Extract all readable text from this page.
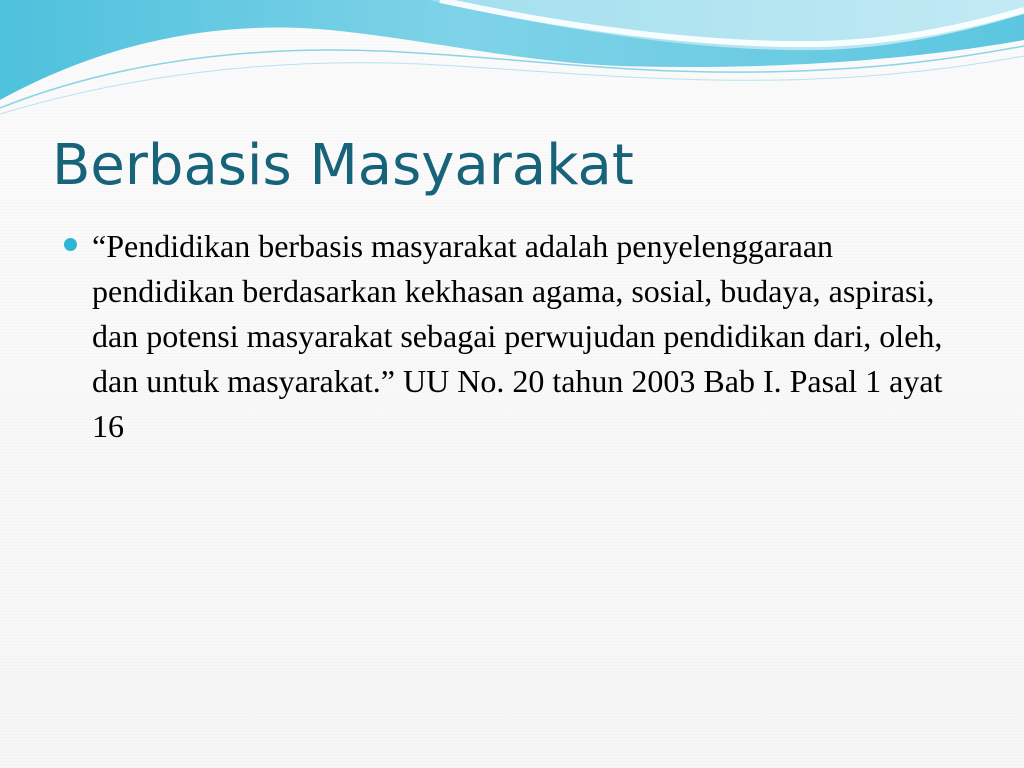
Berbasis Masyarakat

“Pendidikan berbasis masyarakat adalah penyelenggaraan pendidikan berdasarkan kekhasan agama, sosial, budaya, aspirasi, dan potensi masyarakat sebagai perwujudan pendidikan dari, oleh, dan untuk masyarakat.” UU No. 20 tahun 2003 Bab I. Pasal 1 ayat 16
